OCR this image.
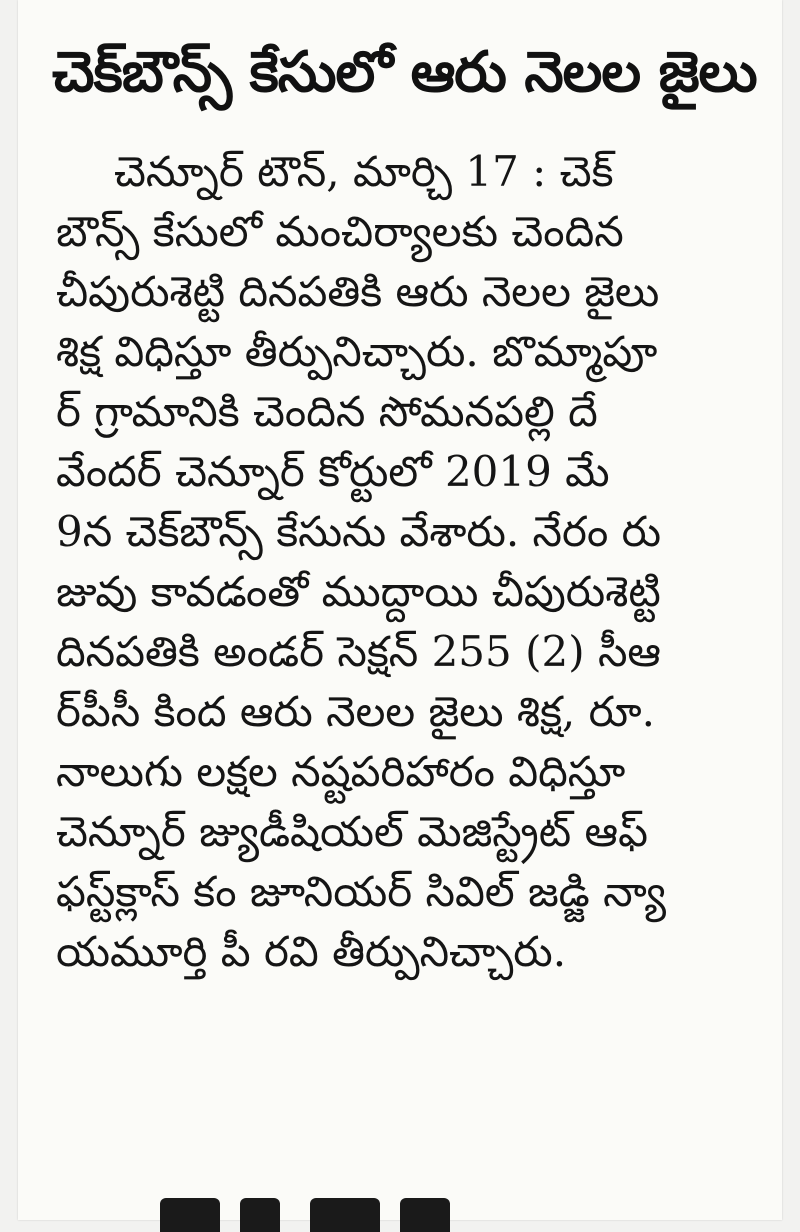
చెక్‌బౌన్స్‌ కేసులో ఆరు నెలల జైలు
చెన్నూర్ టౌన్, మార్చి 17 : చెక్
బౌన్స్ కేసులో మంచిర్యాలకు చెందిన
చీపురుశెట్టి దినపతికి ఆరు నెలల జైలు
శిక్ష విధిస్తూ తీర్పునిచ్చారు. బొమ్మాపూ
ర్ గ్రామానికి చెందిన సోమనపల్లి దే
వేందర్ చెన్నూర్ కోర్టులో 2019 మే
9న చెక్‌బౌన్స్ కేసును వేశారు. నేరం రు
జువు కావడంతో ముద్దాయి చీపురుశెట్టి
దినపతికి అండర్ సెక్షన్ 255 (2) సీఆ
ర్‌పీసీ కింద ఆరు నెలల జైలు శిక్ష, రూ.
నాలుగు లక్షల నష్టపరిహారం విధిస్తూ
చెన్నూర్ జ్యుడీషియల్ మెజిస్ట్రేట్ ఆఫ్
ఫస్ట్‌క్లాస్ కం జూనియర్ సివిల్ జడ్జి న్యా
యమూర్తి పీ రవి తీర్పునిచ్చారు.
